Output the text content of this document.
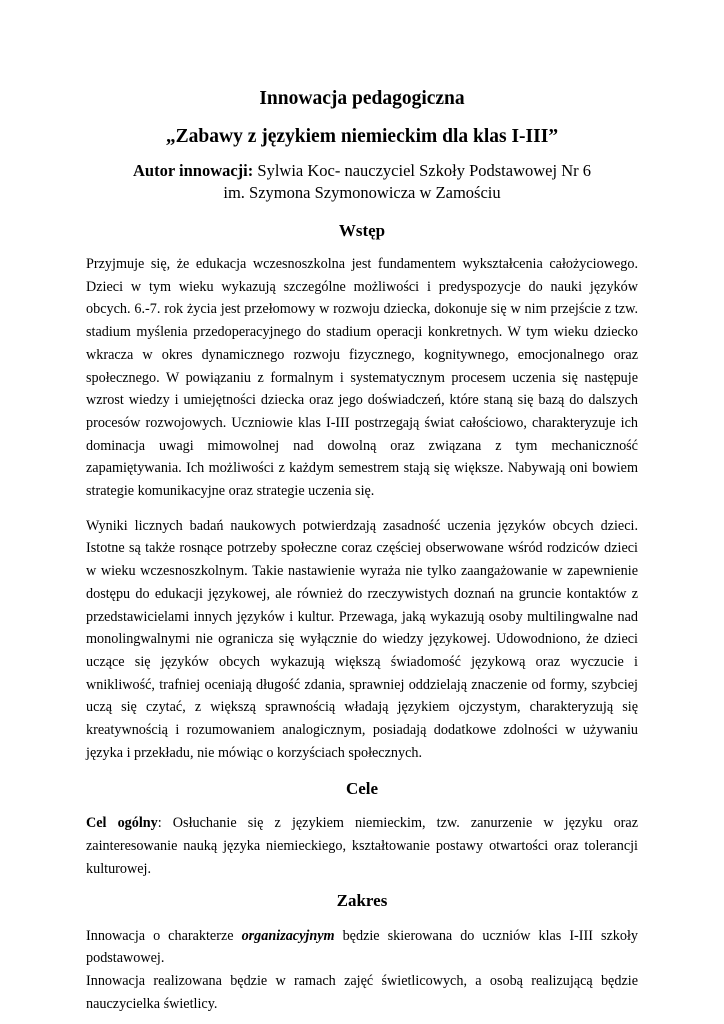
Innowacja pedagogiczna
„Zabawy z językiem niemieckim dla klas I-III”
Autor innowacji: Sylwia Koc- nauczyciel Szkoły Podstawowej Nr 6
im. Szymona Szymonowicza w Zamościu
Wstęp

Przyjmuje się, że edukacja wczesnoszkolna jest fundamentem wykształcenia całożyciowego. Dzieci w tym wieku wykazują szczególne możliwości i predyspozycje do nauki języków obcych. 6.-7. rok życia jest przełomowy w rozwoju dziecka, dokonuje się w nim przejście z tzw. stadium myślenia przedoperacyjnego do stadium operacji konkretnych. W tym wieku dziecko wkracza w okres dynamicznego rozwoju fizycznego, kognitywnego, emocjonalnego oraz społecznego. W powiązaniu z formalnym i systematycznym procesem uczenia się następuje wzrost wiedzy i umiejętności dziecka oraz jego doświadczeń, które staną się bazą do dalszych procesów rozwojowych. Uczniowie klas I-III postrzegają świat całościowo, charakteryzuje ich dominacja uwagi mimowolnej nad dowolną oraz związana z tym mechaniczność zapamiętywania. Ich możliwości z każdym semestrem stają się większe. Nabywają oni bowiem strategie komunikacyjne oraz strategie uczenia się.

Wyniki licznych badań naukowych potwierdzają zasadność uczenia języków obcych dzieci. Istotne są także rosnące potrzeby społeczne coraz częściej obserwowane wśród rodziców dzieci w wieku wczesnoszkolnym. Takie nastawienie wyraża nie tylko zaangażowanie w zapewnienie dostępu do edukacji językowej, ale również do rzeczywistych doznań na gruncie kontaktów z przedstawicielami innych języków i kultur. Przewaga, jaką wykazują osoby multilingwalne nad monolingwalnymi nie ogranicza się wyłącznie do wiedzy językowej. Udowodniono, że dzieci uczące się języków obcych wykazują większą świadomość językową oraz wyczucie i wnikliwość, trafniej oceniają długość zdania, sprawniej oddzielają znaczenie od formy, szybciej uczą się czytać, z większą sprawnością władają językiem ojczystym, charakteryzują się kreatywnością i rozumowaniem analogicznym, posiadają dodatkowe zdolności w używaniu języka i przekładu, nie mówiąc o korzyściach społecznych.

Cele

Cel ogólny: Osłuchanie się z językiem niemieckim, tzw. zanurzenie w języku oraz zainteresowanie nauką języka niemieckiego, kształtowanie postawy otwartości oraz tolerancji kulturowej.

Zakres

Innowacja o charakterze organizacyjnym będzie skierowana do uczniów klas I-III szkoły podstawowej.

Innowacja realizowana będzie w ramach zajęć świetlicowych, a osobą realizującą będzie nauczycielka świetlicy.
